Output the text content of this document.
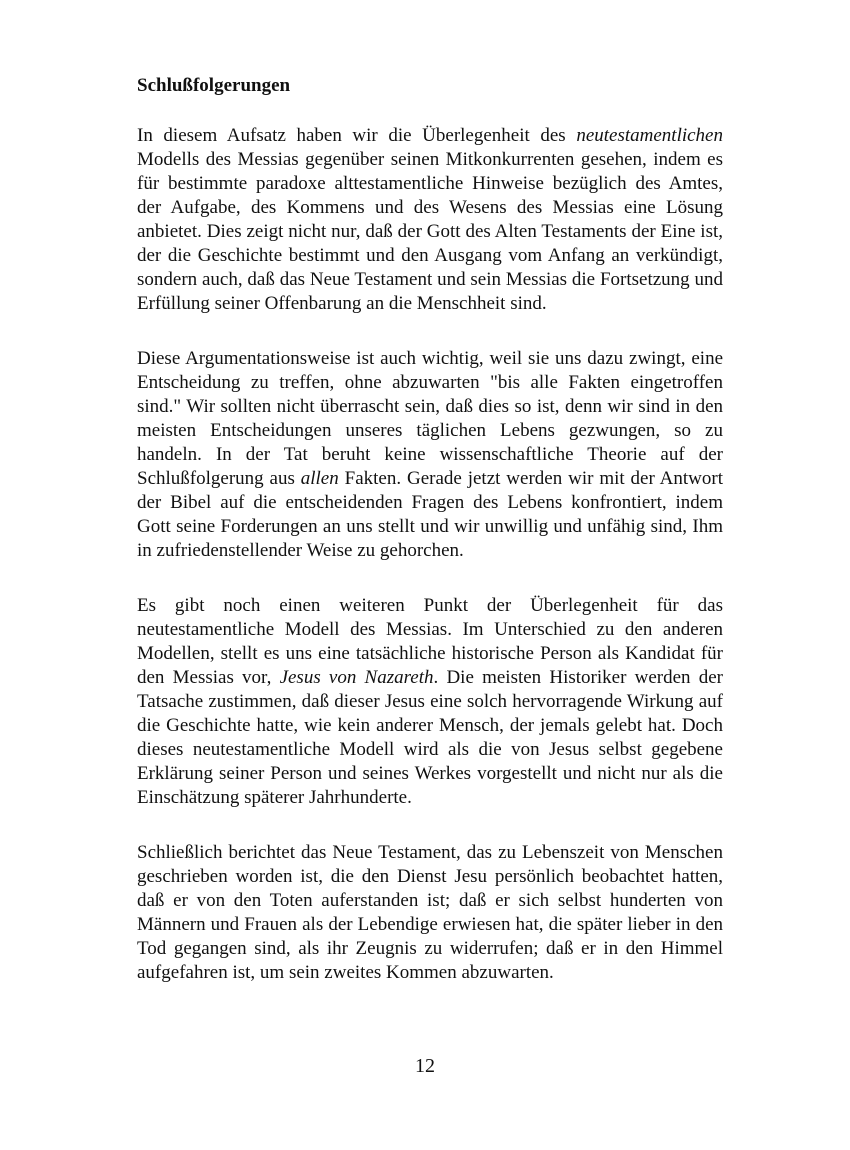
Schlußfolgerungen

In diesem Aufsatz haben wir die Überlegenheit des neutestamentlichen Modells des Messias gegenüber seinen Mitkonkurrenten gesehen, indem es für bestimmte paradoxe alttestamentliche Hinweise bezüglich des Amtes, der Aufgabe, des Kommens und des Wesens des Messias eine Lösung anbietet. Dies zeigt nicht nur, daß der Gott des Alten Testaments der Eine ist, der die Geschichte bestimmt und den Ausgang vom Anfang an verkündigt, sondern auch, daß das Neue Testament und sein Messias die Fortsetzung und Erfüllung seiner Offenbarung an die Menschheit sind.

Diese Argumentationsweise ist auch wichtig, weil sie uns dazu zwingt, eine Entscheidung zu treffen, ohne abzuwarten "bis alle Fakten eingetroffen sind." Wir sollten nicht überrascht sein, daß dies so ist, denn wir sind in den meisten Entscheidungen unseres täglichen Lebens gezwungen, so zu handeln. In der Tat beruht keine wissenschaftliche Theorie auf der Schlußfolgerung aus allen Fakten. Gerade jetzt werden wir mit der Antwort der Bibel auf die entscheidenden Fragen des Lebens konfrontiert, indem Gott seine Forderungen an uns stellt und wir unwillig und unfähig sind, Ihm in zufriedenstellender Weise zu gehorchen.

Es gibt noch einen weiteren Punkt der Überlegenheit für das neutestamentliche Modell des Messias. Im Unterschied zu den anderen Modellen, stellt es uns eine tatsächliche historische Person als Kandidat für den Messias vor, Jesus von Nazareth. Die meisten Historiker werden der Tatsache zustimmen, daß dieser Jesus eine solch hervorragende Wirkung auf die Geschichte hatte, wie kein anderer Mensch, der jemals gelebt hat. Doch dieses neutestamentliche Modell wird als die von Jesus selbst gegebene Erklärung seiner Person und seines Werkes vorgestellt und nicht nur als die Einschätzung späterer Jahrhunderte.

Schließlich berichtet das Neue Testament, das zu Lebenszeit von Menschen geschrieben worden ist, die den Dienst Jesu persönlich beobachtet hatten, daß er von den Toten auferstanden ist; daß er sich selbst hunderten von Männern und Frauen als der Lebendige erwiesen hat, die später lieber in den Tod gegangen sind, als ihr Zeugnis zu widerrufen; daß er in den Himmel aufgefahren ist, um sein zweites Kommen abzuwarten.

12
